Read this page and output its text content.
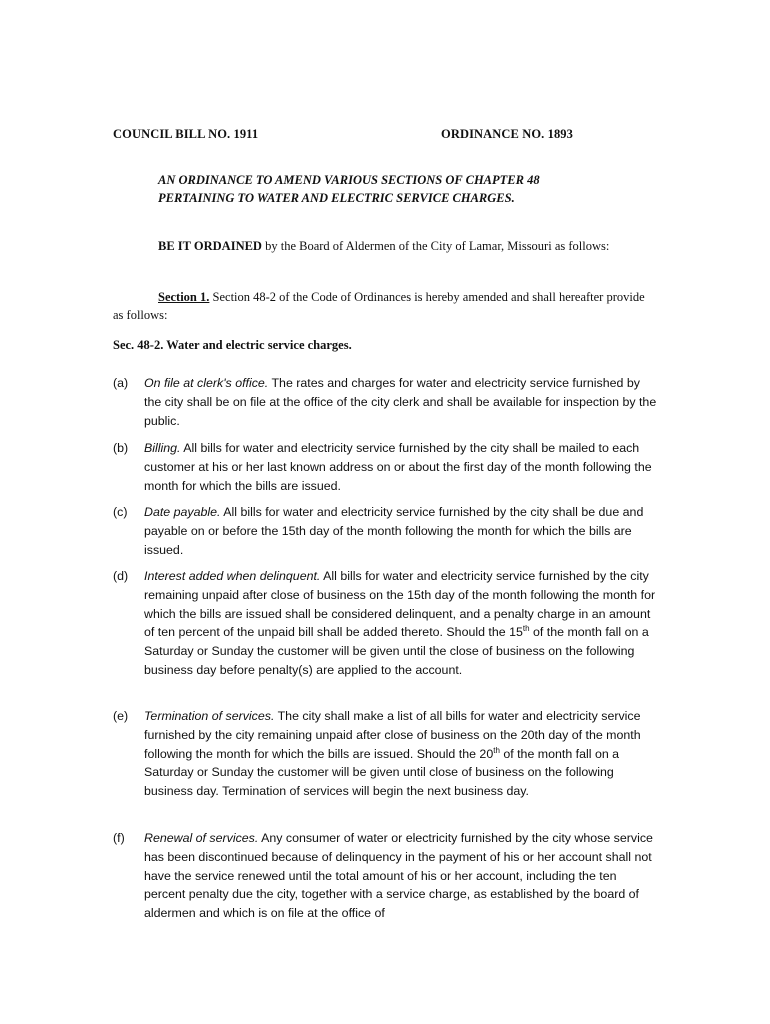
COUNCIL BILL NO. 1911	ORDINANCE NO. 1893
AN ORDINANCE TO AMEND VARIOUS SECTIONS OF CHAPTER 48
PERTAINING TO WATER AND ELECTRIC SERVICE CHARGES.
BE IT ORDAINED by the Board of Aldermen of the City of Lamar, Missouri as follows:
Section 1. Section 48-2 of the Code of Ordinances is hereby amended and shall hereafter provide as follows:
Sec. 48-2. Water and electric service charges.
(a) On file at clerk's office. The rates and charges for water and electricity service furnished by the city shall be on file at the office of the city clerk and shall be available for inspection by the public.
(b) Billing. All bills for water and electricity service furnished by the city shall be mailed to each customer at his or her last known address on or about the first day of the month following the month for which the bills are issued.
(c) Date payable. All bills for water and electricity service furnished by the city shall be due and payable on or before the 15th day of the month following the month for which the bills are issued.
(d) Interest added when delinquent. All bills for water and electricity service furnished by the city remaining unpaid after close of business on the 15th day of the month following the month for which the bills are issued shall be considered delinquent, and a penalty charge in an amount of ten percent of the unpaid bill shall be added thereto. Should the 15th of the month fall on a Saturday or Sunday the customer will be given until the close of business on the following business day before penalty(s) are applied to the account.
(e) Termination of services. The city shall make a list of all bills for water and electricity service furnished by the city remaining unpaid after close of business on the 20th day of the month following the month for which the bills are issued. Should the 20th of the month fall on a Saturday or Sunday the customer will be given until close of business on the following business day. Termination of services will begin the next business day.
(f) Renewal of services. Any consumer of water or electricity furnished by the city whose service has been discontinued because of delinquency in the payment of his or her account shall not have the service renewed until the total amount of his or her account, including the ten percent penalty due the city, together with a service charge, as established by the board of aldermen and which is on file at the office of
